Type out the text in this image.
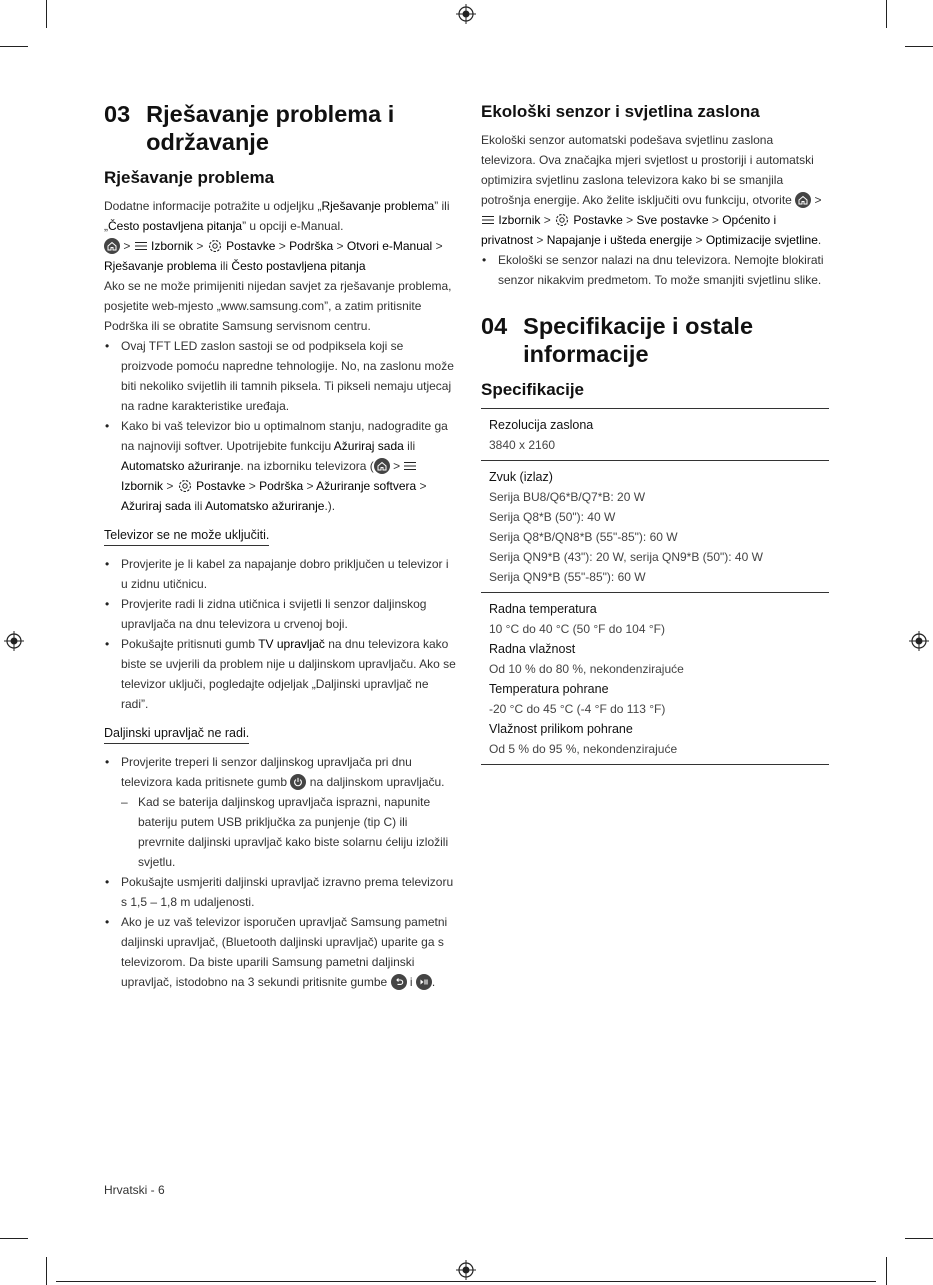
03 Rješavanje problema i održavanje
Rješavanje problema

Dodatne informacije potražite u odjeljku „Rješavanje problema” ili „Često postavljena pitanja” u opciji e-Manual.

>  Izbornik >  Postavke > Podrška > Otvori e-Manual > Rješavanje problema ili Često postavljena pitanja

Ako se ne može primijeniti nijedan savjet za rješavanje problema, posjetite web-mjesto „www.samsung.com”, a zatim pritisnite Podrška ili se obratite Samsung servisnom centru.

• Ovaj TFT LED zaslon sastoji se od podpiksela koji se proizvode pomoću napredne tehnologije. No, na zaslonu može biti nekoliko svijetlih ili tamnih piksela. Ti pikseli nemaju utjecaj na radne karakteristike uređaja.
• Kako bi vaš televizor bio u optimalnom stanju, nadogradite ga na najnoviji softver. Upotrijebite funkciju Ažuriraj sada ili Automatsko ažuriranje. na izborniku televizora (
>  Izbornik >  Postavke > Podrška > Ažuriranje softvera > Ažuriraj sada ili Automatsko ažuriranje.).
Televizor se ne može uključiti.
• Provjerite je li kabel za napajanje dobro priključen u televizor i u zidnu utičnicu.
• Provjerite radi li zidna utičnica i svijetli li senzor daljinskog upravljača na dnu televizora u crvenoj boji.
• Pokušajte pritisnuti gumb TV upravljač na dnu televizora kako biste se uvjerili da problem nije u daljinskom upravljaču. Ako se televizor uključi, pogledajte odjeljak „Daljinski upravljač ne radi”.
Daljinski upravljač ne radi.
• Provjerite treperi li senzor daljinskog upravljača pri dnu televizora kada pritisnete gumb
na daljinskom upravljaču.
– Kad se baterija daljinskog upravljača isprazni, napunite bateriju putem USB priključka za punjenje (tip C) ili prevrnite daljinski upravljač kako biste solarnu ćeliju izložili svjetlu.
• Pokušajte usmjeriti daljinski upravljač izravno prema televizoru s 1,5 – 1,8 m udaljenosti.
• Ako je uz vaš televizor isporučen upravljač Samsung pametni daljinski upravljač, (Bluetooth daljinski upravljač) uparite ga s televizorom. Da biste uparili Samsung pametni daljinski upravljač, istodobno na 3 sekundi pritisnite gumbe
i
.
Ekološki senzor i svjetlina zaslona

Ekološki senzor automatski podešava svjetlinu zaslona televizora. Ova značajka mjeri svjetlost u prostoriji i automatski optimizira svjetlinu zaslona televizora kako bi se smanjila potrošnja energije. Ako želite isključiti ovu funkciju, otvorite
>  Izbornik >  Postavke > Sve postavke > Općenito i privatnost > Napajanje i ušteda energije > Optimizacije svjetline.

• Ekološki se senzor nalazi na dnu televizora. Nemojte blokirati senzor nikakvim predmetom. To može smanjiti svjetlinu slike.
04 Specifikacije i ostale informacije
Specifikacije
Rezolucija zaslona
3840 x 2160

Zvuk (izlaz)
Serija BU8/Q6*B/Q7*B: 20 W
Serija Q8*B (50"): 40 W
Serija Q8*B/QN8*B (55"-85"): 60 W
Serija QN9*B (43"): 20 W, serija QN9*B (50"): 40 W
Serija QN9*B (55"-85"): 60 W

Radna temperatura
10 °C do 40 °C (50 °F do 104 °F)
Radna vlažnost
Od 10 % do 80 %, nekondenzirajuće
Temperatura pohrane
-20 °C do 45 °C (-4 °F do 113 °F)
Vlažnost prilikom pohrane
Od 5 % do 95 %, nekondenzirajuće
Hrvatski - 6
